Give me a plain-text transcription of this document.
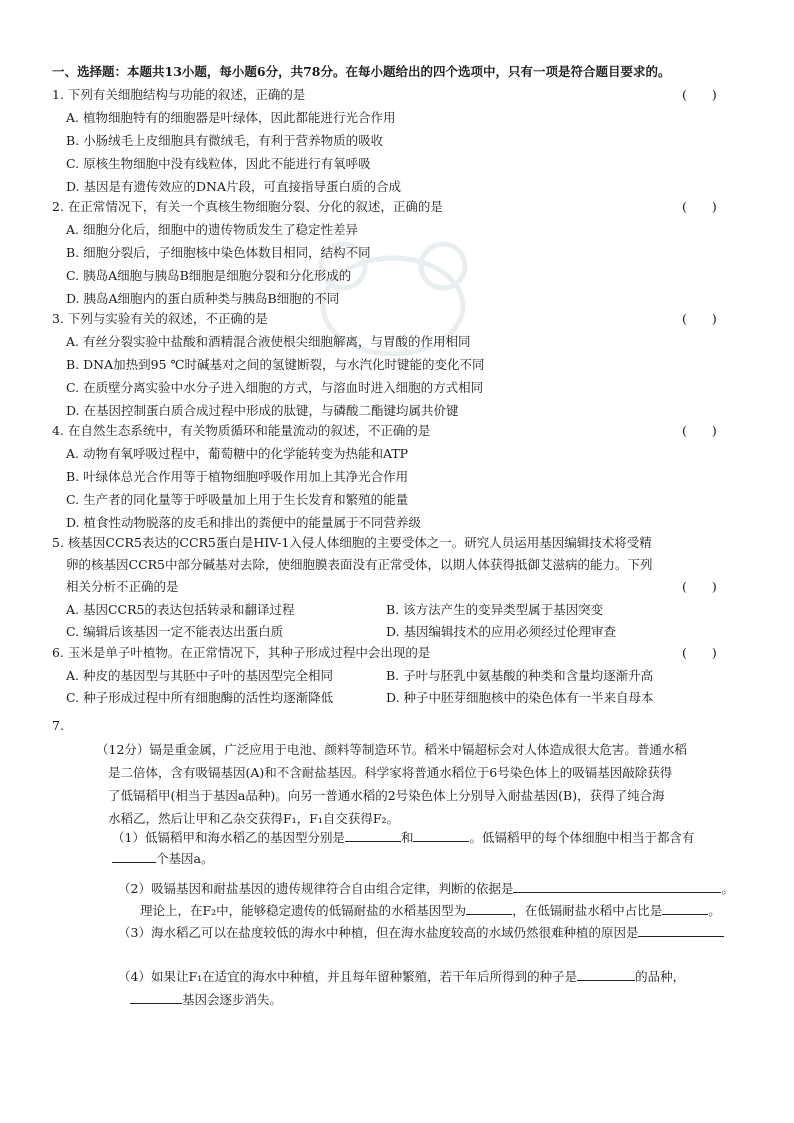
一、选择题：本题共13小题，每小题6分，共78分。在每小题给出的四个选项中，只有一项是符合题目要求的。
1. 下列有关细胞结构与功能的叙述，正确的是	(　　)
A. 植物细胞特有的细胞器是叶绿体，因此都能进行光合作用
B. 小肠绒毛上皮细胞具有微绒毛，有利于营养物质的吸收
C. 原核生物细胞中没有线粒体，因此不能进行有氧呼吸
D. 基因是有遗传效应的DNA片段，可直接指导蛋白质的合成
2. 在正常情况下，有关一个真核生物细胞分裂、分化的叙述，正确的是	(　　)
A. 细胞分化后，细胞中的遗传物质发生了稳定性差异
B. 细胞分裂后，子细胞核中染色体数目相同，结构不同
C. 胰岛A细胞与胰岛B细胞是细胞分裂和分化形成的
D. 胰岛A细胞内的蛋白质种类与胰岛B细胞的不同
3. 下列与实验有关的叙述，不正确的是	(　　)
A. 有丝分裂实验中盐酸和酒精混合液使根尖细胞解离，与胃酸的作用相同
B. DNA加热到95 ℃时碱基对之间的氢键断裂，与水汽化时键能的变化不同
C. 在质壁分离实验中水分子进入细胞的方式，与溶血时进入细胞的方式相同
D. 在基因控制蛋白质合成过程中形成的肽键，与磷酸二酯键均属共价键
4. 在自然生态系统中，有关物质循环和能量流动的叙述，不正确的是	(　　)
A. 动物有氧呼吸过程中，葡萄糖中的化学能转变为热能和ATP
B. 叶绿体总光合作用等于植物细胞呼吸作用加上其净光合作用
C. 生产者的同化量等于呼吸量加上用于生长发育和繁殖的能量
D. 植食性动物脱落的皮毛和排出的粪便中的能量属于不同营养级
5. 核基因CCR5表达的CCR5蛋白是HIV-1入侵人体细胞的主要受体之一。研究人员运用基因编辑技术将受精
卵的核基因CCR5中部分碱基对去除，使细胞膜表面没有正常受体，以期人体获得抵御艾滋病的能力。下列
相关分析不正确的是	(　　)
A. 基因CCR5的表达包括转录和翻译过程	B. 该方法产生的变异类型属于基因突变
C. 编辑后该基因一定不能表达出蛋白质	D. 基因编辑技术的应用必须经过伦理审查
6. 玉米是单子叶植物。在正常情况下，其种子形成过程中会出现的是	(　　)
A. 种皮的基因型与其胚中子叶的基因型完全相同	B. 子叶与胚乳中氨基酸的种类和含量均逐渐升高
C. 种子形成过程中所有细胞酶的活性均逐渐降低	D. 种子中胚芽细胞核中的染色体有一半来自母本
7.
（12分）镉是重金属，广泛应用于电池、颜料等制造环节。稻米中镉超标会对人体造成很大危害。普通水稻
是二倍体，含有吸镉基因(A)和不含耐盐基因。科学家将普通水稻位于6号染色体上的吸镉基因敲除获得
了低镉稻甲(相当于基因a品种)。向另一普通水稻的2号染色体上分别导入耐盐基因(B)，获得了纯合海
水稻乙，然后让甲和乙杂交获得F₁，F₁自交获得F₂。
（1）低镉稻甲和海水稻乙的基因型分别是	和	。低镉稻甲的每个体细胞中相当于都含有
个基因a。
（2）吸镉基因和耐盐基因的遗传规律符合自由组合定律，判断的依据是	。
理论上，在F₂中，能够稳定遗传的低镉耐盐的水稻基因型为	，在低镉耐盐水稻中占比是	。
（3）海水稻乙可以在盐度较低的海水中种植，但在海水盐度较高的水域仍然很难种植的原因是
（4）如果让F₁在适宜的海水中种植，并且每年留种繁殖，若干年后所得到的种子是	的品种，
基因会逐步消失。
